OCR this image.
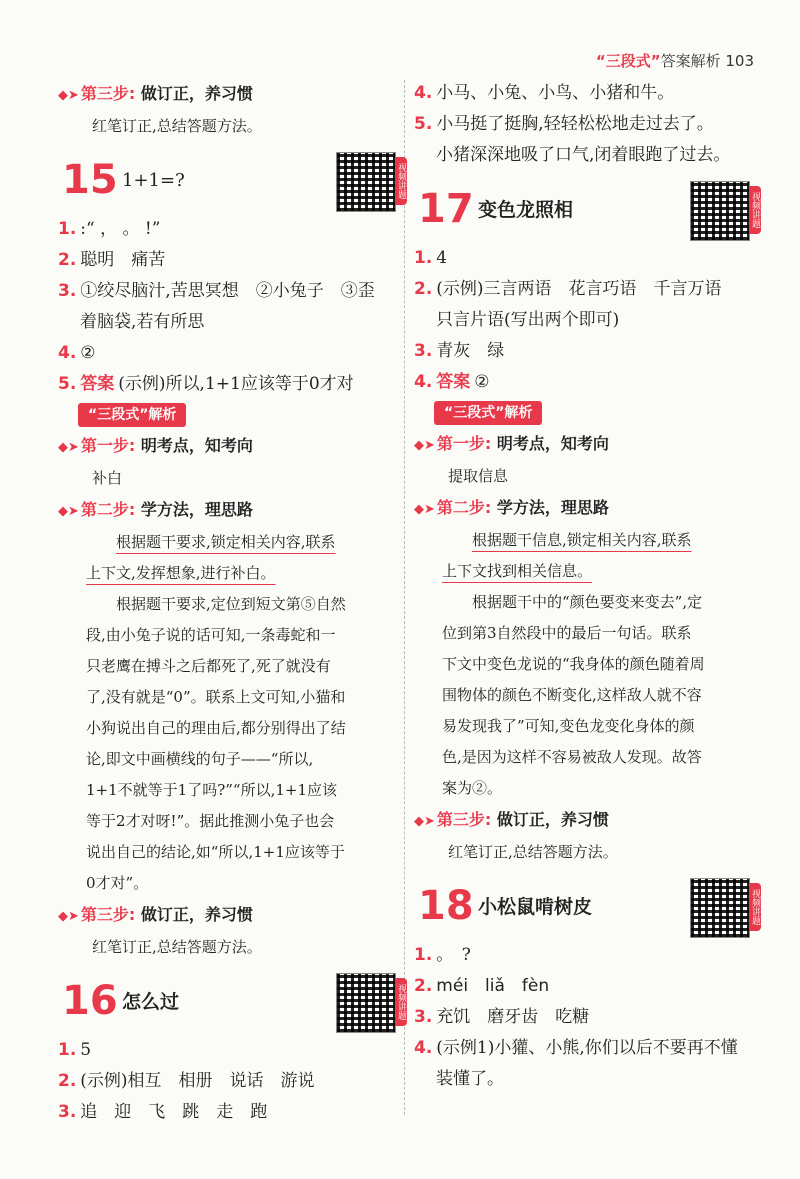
“三段式”答案解析 103
◆➤ 第三步: 做订正，养习惯
红笔订正,总结答题方法。
15 1+1=?	视频讲题
1. :“ ， 。 !”
2. 聪明　痛苦
3. ①绞尽脑汁,苦思冥想　②小兔子　③歪
着脑袋,若有所思
4. ②
5. 答案 (示例)所以,1+1应该等于0才对
“三段式”解析
◆➤ 第一步: 明考点，知考向
补白
◆➤ 第二步: 学方法，理思路

根据题干要求,锁定相关内容,联系

上下文,发挥想象,进行补白。

根据题干要求,定位到短文第⑤自然

段,由小兔子说的话可知,一条毒蛇和一

只老鹰在搏斗之后都死了,死了就没有

了,没有就是“0”。联系上文可知,小猫和

小狗说出自己的理由后,都分别得出了结

论,即文中画横线的句子——“所以,

1+1不就等于1了吗?”“所以,1+1应该

等于2才对呀!”。据此推测小兔子也会

说出自己的结论,如“所以,1+1应该等于

0才对”。

◆➤ 第三步: 做订正，养习惯
红笔订正,总结答题方法。
16 怎么过	视频讲题
1. 5
2. (示例)相互　相册　说话　游说
3. 追　迎　飞　跳　走　跑
4. 小马、小兔、小鸟、小猪和牛。
5. 小马挺了挺胸,轻轻松松地走过去了。
小猪深深地吸了口气,闭着眼跑了过去。
17 变色龙照相	视频讲题
1. 4
2. (示例)三言两语　花言巧语　千言万语
只言片语(写出两个即可)
3. 青灰　绿
4. 答案 ②
“三段式”解析
◆➤ 第一步: 明考点，知考向
提取信息
◆➤ 第二步: 学方法，理思路

根据题干信息,锁定相关内容,联系

上下文找到相关信息。

根据题干中的“颜色要变来变去”,定

位到第3自然段中的最后一句话。联系

下文中变色龙说的“我身体的颜色随着周

围物体的颜色不断变化,这样敌人就不容

易发现我了”可知,变色龙变化身体的颜

色,是因为这样不容易被敌人发现。故答

案为②。

◆➤ 第三步: 做订正，养习惯
红笔订正,总结答题方法。
18 小松鼠啃树皮	视频讲题
1. 。　?
2. méi　liǎ　fèn
3. 充饥　磨牙齿　吃糖
4. (示例1)小獾、小熊,你们以后不要再不懂
装懂了。
